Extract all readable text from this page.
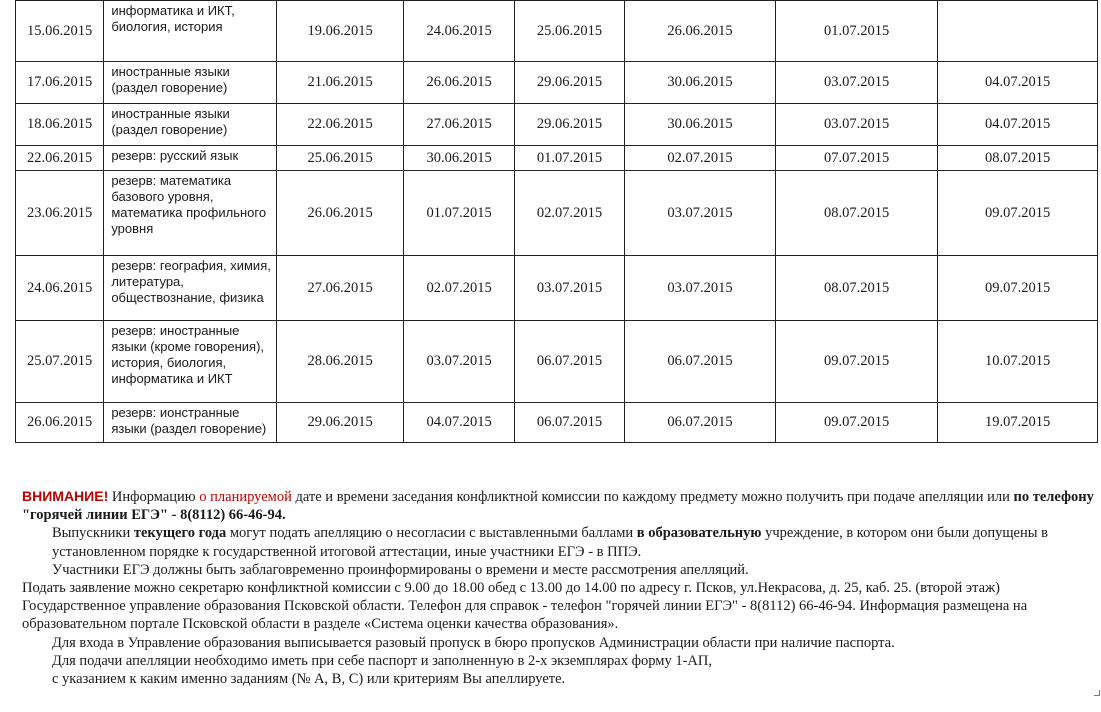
15.06.2015	информатика и ИКТ, биология, история	19.06.2015	24.06.2015	25.06.2015	26.06.2015	01.07.2015	
17.06.2015	иностранные языки (раздел говорение)	21.06.2015	26.06.2015	29.06.2015	30.06.2015	03.07.2015	04.07.2015
18.06.2015	иностранные языки (раздел говорение)	22.06.2015	27.06.2015	29.06.2015	30.06.2015	03.07.2015	04.07.2015
22.06.2015	резерв: русский язык	25.06.2015	30.06.2015	01.07.2015	02.07.2015	07.07.2015	08.07.2015
23.06.2015	резерв: математика базового уровня, математика профильного уровня	26.06.2015	01.07.2015	02.07.2015	03.07.2015	08.07.2015	09.07.2015
24.06.2015	резерв: география, химия, литература, обществознание, физика	27.06.2015	02.07.2015	03.07.2015	03.07.2015	08.07.2015	09.07.2015
25.07.2015	резерв: иностранные языки (кроме говорения), история, биология, информатика и ИКТ	28.06.2015	03.07.2015	06.07.2015	06.07.2015	09.07.2015	10.07.2015
26.06.2015	резерв: ионстранные языки (раздел говорение)	29.06.2015	04.07.2015	06.07.2015	06.07.2015	09.07.2015	19.07.2015

ВНИМАНИЕ! Информацию о планируемой дате и времени заседания конфликтной комиссии по каждому предмету можно получить при подаче апелляции или по телефону "горячей линии ЕГЭ" - 8(8112) 66-46-94.

Выпускники текущего года могут подать апелляцию о несогласии с выставленными баллами в образовательную учреждение, в котором они были допущены в установленном порядке к государственной итоговой аттестации, иные участники ЕГЭ - в ППЭ.

Участники ЕГЭ должны быть заблаговременно проинформированы о времени и месте рассмотрения апелляций.

Подать заявление можно секретарю конфликтной комиссии с 9.00 до 18.00 обед с 13.00 до 14.00 по адресу г. Псков, ул.Некрасова, д. 25, каб. 25. (второй этаж) Государственное управление образования Псковской области. Телефон для справок - телефон "горячей линии ЕГЭ" - 8(8112) 66-46-94. Информация размещена на образовательном портале Псковской области в разделе «Система оценки качества образования».

Для входа в Управление образования выписывается разовый пропуск в бюро пропусков Администрации области при наличие паспорта.

Для подачи апелляции необходимо иметь при себе паспорт и заполненную в 2-х экземплярах форму 1-АП,

с указанием к каким именно заданиям (№ А, В, С) или критериям Вы апеллируете.
